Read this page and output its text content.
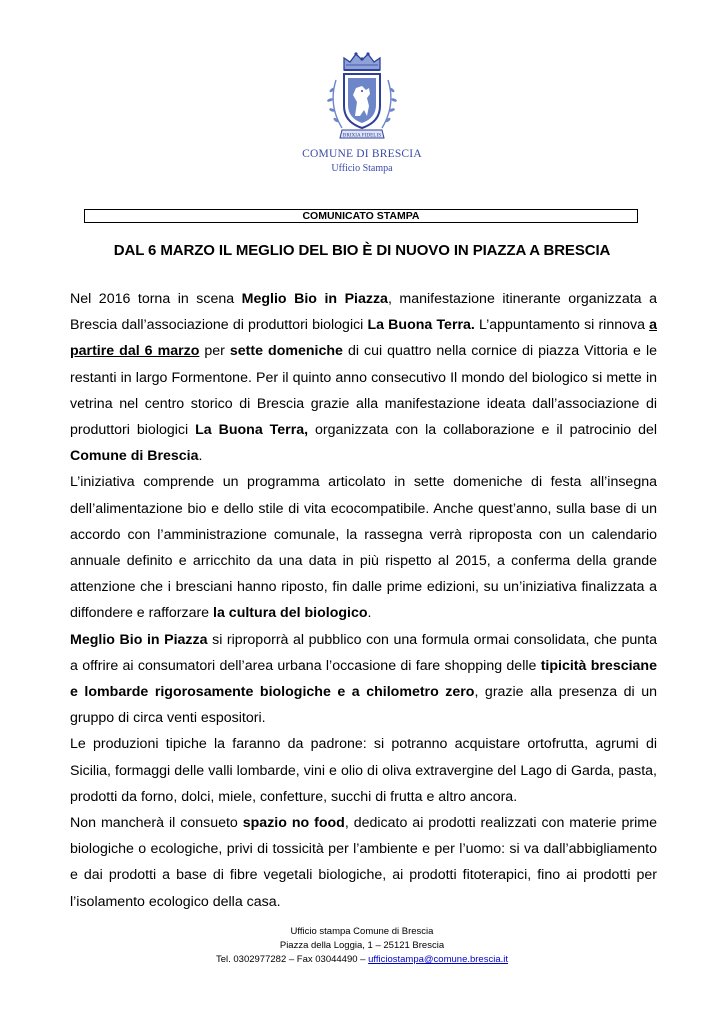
BRIXIA FIDELIS
COMUNE DI BRESCIA
Ufficio Stampa
COMUNICATO STAMPA
DAL 6 MARZO IL MEGLIO DEL BIO È DI NUOVO IN PIAZZA A BRESCIA

Nel 2016 torna in scena Meglio Bio in Piazza, manifestazione itinerante organizzata a Brescia dall’associazione di produttori biologici La Buona Terra. L’appuntamento si rinnova a partire dal 6 marzo per sette domeniche di cui quattro nella cornice di piazza Vittoria e le restanti in largo Formentone. Per il quinto anno consecutivo Il mondo del biologico si mette in vetrina nel centro storico di Brescia grazie alla manifestazione ideata dall’associazione di produttori biologici La Buona Terra, organizzata con la collaborazione e il patrocinio del Comune di Brescia.

L’iniziativa comprende un programma articolato in sette domeniche di festa all’insegna dell’alimentazione bio e dello stile di vita ecocompatibile. Anche quest’anno, sulla base di un accordo con l’amministrazione comunale, la rassegna verrà riproposta con un calendario annuale definito e arricchito da una data in più rispetto al 2015, a conferma della grande attenzione che i bresciani hanno riposto, fin dalle prime edizioni, su un’iniziativa finalizzata a diffondere e rafforzare la cultura del biologico.

Meglio Bio in Piazza si riproporrà al pubblico con una formula ormai consolidata, che punta a offrire ai consumatori dell’area urbana l’occasione di fare shopping delle tipicità bresciane e lombarde rigorosamente biologiche e a chilometro zero, grazie alla presenza di un gruppo di circa venti espositori.

Le produzioni tipiche la faranno da padrone: si potranno acquistare ortofrutta, agrumi di Sicilia, formaggi delle valli lombarde, vini e olio di oliva extravergine del Lago di Garda, pasta, prodotti da forno, dolci, miele, confetture, succhi di frutta e altro ancora.

Non mancherà il consueto spazio no food, dedicato ai prodotti realizzati con materie prime biologiche o ecologiche, privi di tossicità per l’ambiente e per l’uomo: si va dall’abbigliamento e dai prodotti a base di fibre vegetali biologiche, ai prodotti fitoterapici, fino ai prodotti per l’isolamento ecologico della casa.

Ufficio stampa Comune di Brescia
Piazza della Loggia, 1 – 25121 Brescia
Tel. 0302977282 – Fax 03044490 – ufficiostampa@comune.brescia.it
